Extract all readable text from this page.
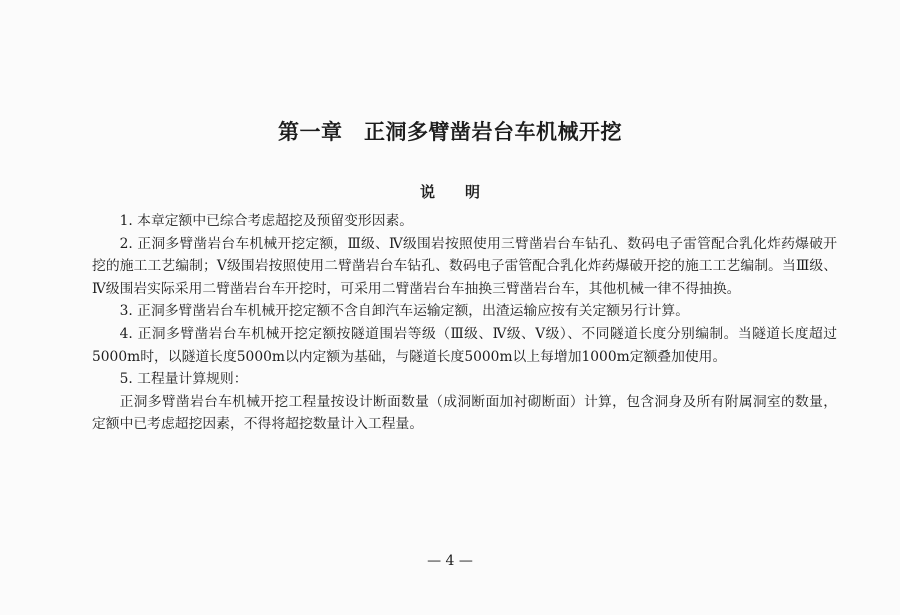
第一章　正洞多臂凿岩台车机械开挖
说　　明

1. 本章定额中已综合考虑超挖及预留变形因素。

2. 正洞多臂凿岩台车机械开挖定额，Ⅲ级、Ⅳ级围岩按照使用三臂凿岩台车钻孔、数码电子雷管配合乳化炸药爆破开挖的施工工艺编制；Ⅴ级围岩按照使用二臂凿岩台车钻孔、数码电子雷管配合乳化炸药爆破开挖的施工工艺编制。当Ⅲ级、Ⅳ级围岩实际采用二臂凿岩台车开挖时，可采用二臂凿岩台车抽换三臂凿岩台车，其他机械一律不得抽换。

3. 正洞多臂凿岩台车机械开挖定额不含自卸汽车运输定额，出渣运输应按有关定额另行计算。

4. 正洞多臂凿岩台车机械开挖定额按隧道围岩等级（Ⅲ级、Ⅳ级、Ⅴ级）、不同隧道长度分别编制。当隧道长度超过5000m时，以隧道长度5000m以内定额为基础，与隧道长度5000m以上每增加1000m定额叠加使用。

5. 工程量计算规则：

正洞多臂凿岩台车机械开挖工程量按设计断面数量（成洞断面加衬砌断面）计算，包含洞身及所有附属洞室的数量，定额中已考虑超挖因素，不得将超挖数量计入工程量。

— 4 —
